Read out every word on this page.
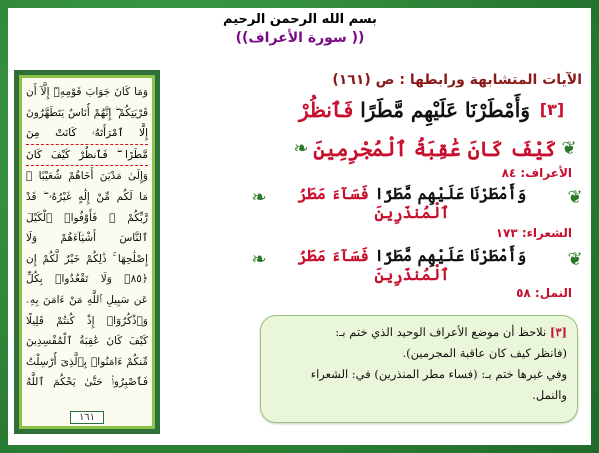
بسم الله الرحمن الرحيم
(( سورة الأعراف))
وَمَا كَانَ جَوَابَ قَوْمِهِۦٓ إِلَّآ أَن
قَرْيَتِكُمْ ۖ إِنَّهُمْ أُنَاسٌ يَتَطَهَّرُونَ
إِلَّا ٱمْرَأَتَهُۥ كَانَتْ مِنَ
مَّطَرًا ۖ فَٱنظُرْ كَيْفَ كَانَ
وَإِلَىٰ مَدْيَنَ أَخَاهُمْ شُعَيْبًا ۗ
مَا لَكُم مِّنْ إِلَٰهٍ غَيْرُهُۥ ۖ قَدْ
رَّبِّكُمْ ۖ فَأَوْفُوا۟ ٱلْكَيْلَ
ٱلنَّاسَ أَشْيَآءَهُمْ وَلَا
إِصْلَٰحِهَا ۚ ذَٰلِكُمْ خَيْرٌ لَّكُمْ إِن
﴿٨٥﴾ وَلَا تَقْعُدُوا۟ بِكُلِّ
عَن سَبِيلِ ٱللَّهِ مَنْ ءَامَنَ بِهِۦ
وَٱذْكُرُوٓا۟ إِذْ كُنتُمْ قَلِيلًا
كَيْفَ كَانَ عَٰقِبَةُ ٱلْمُفْسِدِينَ
مِّنكُمْ ءَامَنُوا۟ بِٱلَّذِىٓ أُرْسِلْتُ
فَٱصْبِرُوا۟ حَتَّىٰ يَحْكُمَ ٱللَّهُ
١٦١
الآيات المتشابهة ورابطها : ص (١٦١)
[٣]
وَأَمْطَرْنَا عَلَيْهِم مَّطَرًا فَٱنظُرْ
كَيْفَ كَانَ عَٰقِبَةُ ٱلْمُجْرِمِينَ ❦
❧
الأعراف: ٨٤
وَأَمْطَرْنَا عَلَيْهِم مَّطَرًا فَسَآءَ مَطَرُ ٱلْمُنذَرِينَ
❦
❧
الشعراء: ١٧٣
وَأَمْطَرْنَا عَلَيْهِم مَّطَرًا فَسَآءَ مَطَرُ ٱلْمُنذَرِينَ
❦
❧
النمل: ٥٨
[٣] نلاحظ أن موضع الأعراف الوحيد الذي ختم بـ:
(فانظر كيف كان عاقبة المجرمين).
وفي غيرها ختم بـ: (فساء مطر المنذرين) في: الشعراء
والنمل.
